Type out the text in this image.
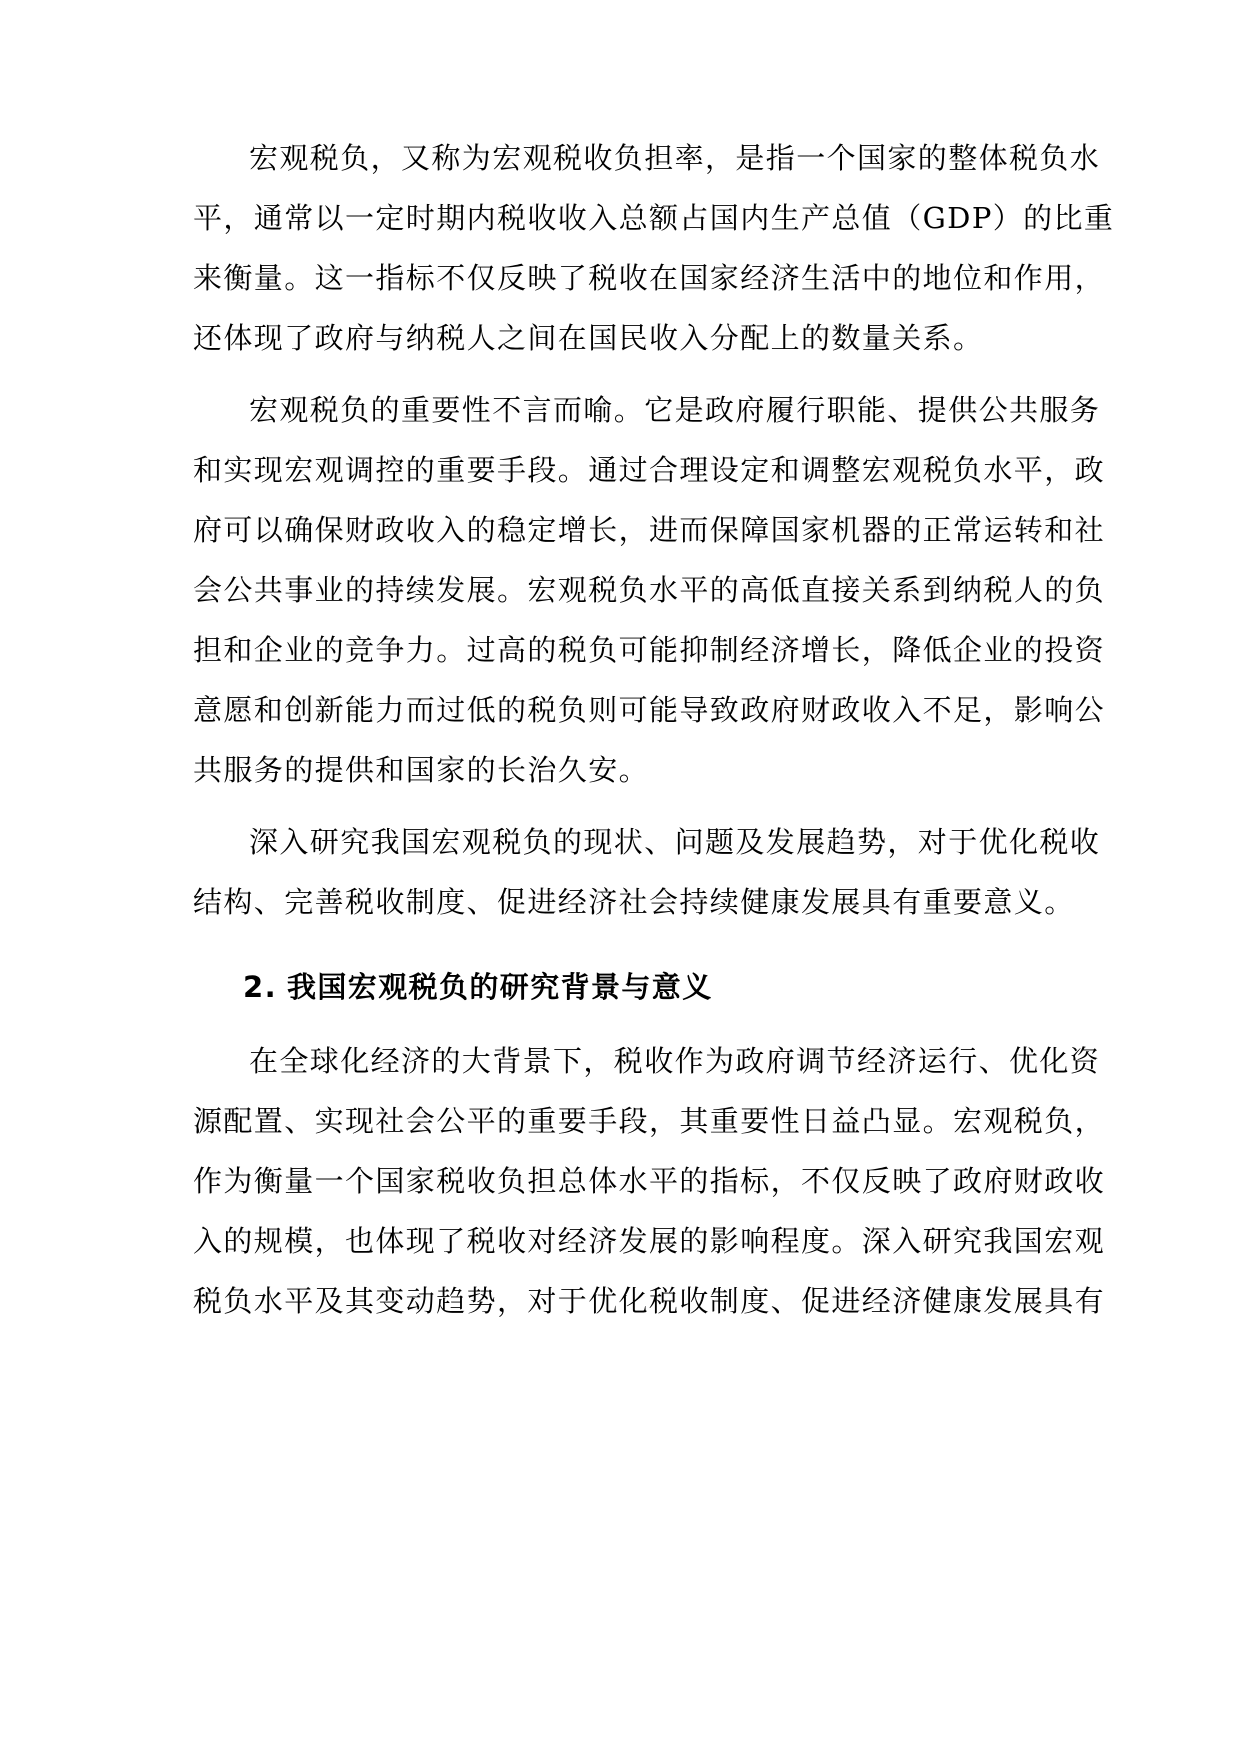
宏观税负，又称为宏观税收负担率，是指一个国家的整体税负水
平，通常以一定时期内税收收入总额占国内生产总值（GDP）的比重
来衡量。这一指标不仅反映了税收在国家经济生活中的地位和作用，
还体现了政府与纳税人之间在国民收入分配上的数量关系。
宏观税负的重要性不言而喻。它是政府履行职能、提供公共服务
和实现宏观调控的重要手段。通过合理设定和调整宏观税负水平，政
府可以确保财政收入的稳定增长，进而保障国家机器的正常运转和社
会公共事业的持续发展。宏观税负水平的高低直接关系到纳税人的负
担和企业的竞争力。过高的税负可能抑制经济增长，降低企业的投资
意愿和创新能力而过低的税负则可能导致政府财政收入不足，影响公
共服务的提供和国家的长治久安。
深入研究我国宏观税负的现状、问题及发展趋势，对于优化税收
结构、完善税收制度、促进经济社会持续健康发展具有重要意义。
2. 我国宏观税负的研究背景与意义
在全球化经济的大背景下，税收作为政府调节经济运行、优化资
源配置、实现社会公平的重要手段，其重要性日益凸显。宏观税负，
作为衡量一个国家税收负担总体水平的指标，不仅反映了政府财政收
入的规模，也体现了税收对经济发展的影响程度。深入研究我国宏观
税负水平及其变动趋势，对于优化税收制度、促进经济健康发展具有
